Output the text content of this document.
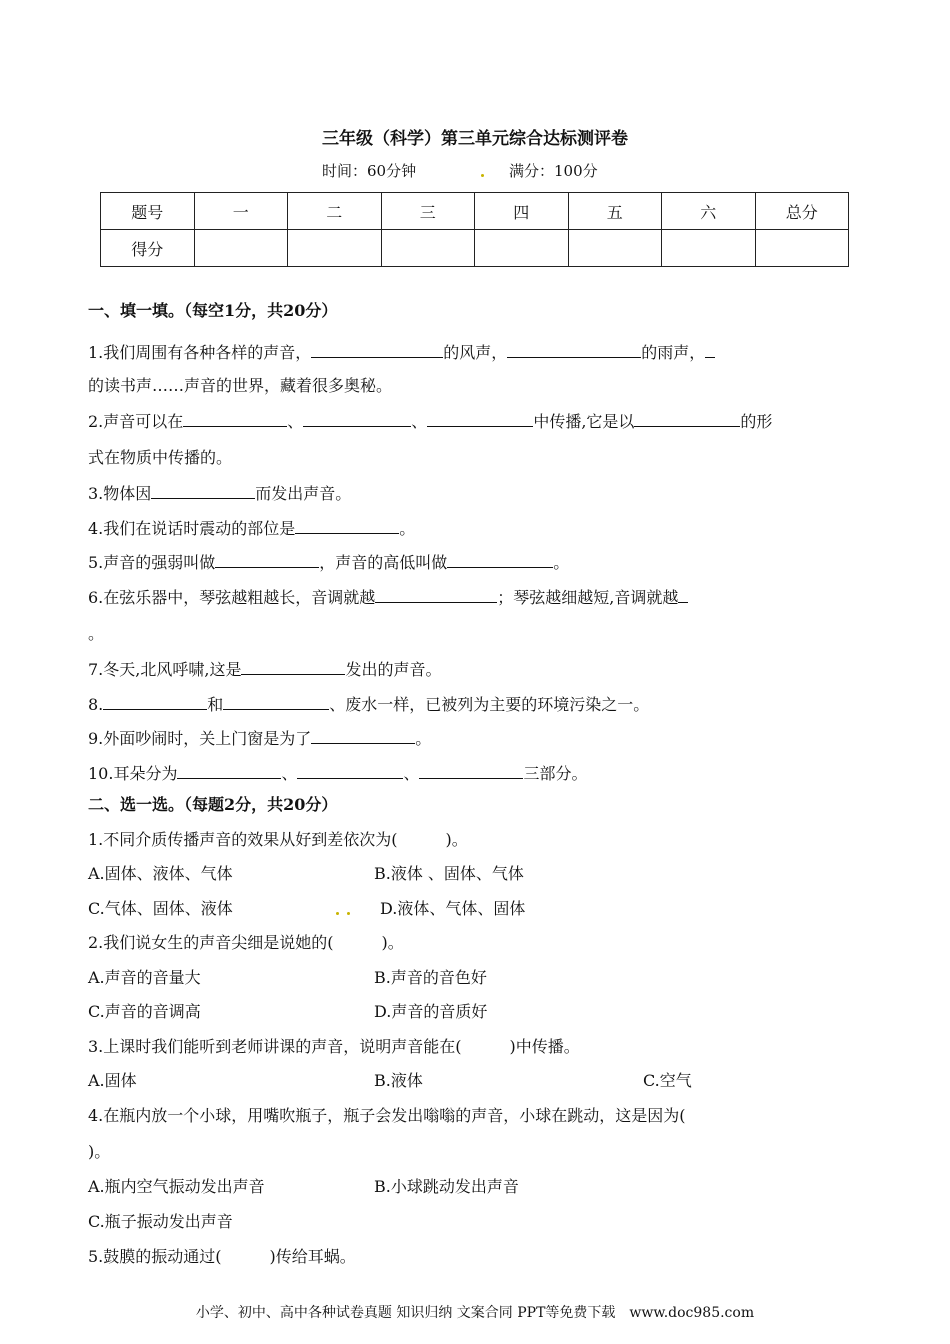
三年级（科学）第三单元综合达标测评卷
时间：60分钟	满分：100分
题号	一	二	三	四	五	六	总分
得分							
一、填一填。（每空1分，共20分）
1.我们周围有各种各样的声音，	的风声，	的雨声，
的读书声……声音的世界，藏着很多奥秘。
2.声音可以在	、	、	中传播,它是以	的形
式在物质中传播的。
3.物体因	而发出声音。
4.我们在说话时震动的部位是	。
5.声音的强弱叫做	，声音的高低叫做	。
6.在弦乐器中，琴弦越粗越长，音调就越	；琴弦越细越短,音调就越
。
7.冬天,北风呼啸,这是	发出的声音。
8.	和	、废水一样，已被列为主要的环境污染之一。
9.外面吵闹时，关上门窗是为了	。
10.耳朵分为	、	、	三部分。
二、选一选。（每题2分，共20分）
1.不同介质传播声音的效果从好到差依次为(　　　)。
A.固体、液体、气体	B.液体 、固体、气体
C.气体、固体、液体	D.液体、气体、固体
2.我们说女生的声音尖细是说她的(　　　)。
A.声音的音量大	B.声音的音色好
C.声音的音调高	D.声音的音质好
3.上课时我们能听到老师讲课的声音，说明声音能在(　　　)中传播。
A.固体	B.液体	C.空气
4.在瓶内放一个小球，用嘴吹瓶子，瓶子会发出嗡嗡的声音，小球在跳动，这是因为(
)。
A.瓶内空气振动发出声音	B.小球跳动发出声音
C.瓶子振动发出声音
5.鼓膜的振动通过(　　　)传给耳蜗。
小学、初中、高中各种试卷真题 知识归纳 文案合同 PPT等免费下载　www.doc985.com
